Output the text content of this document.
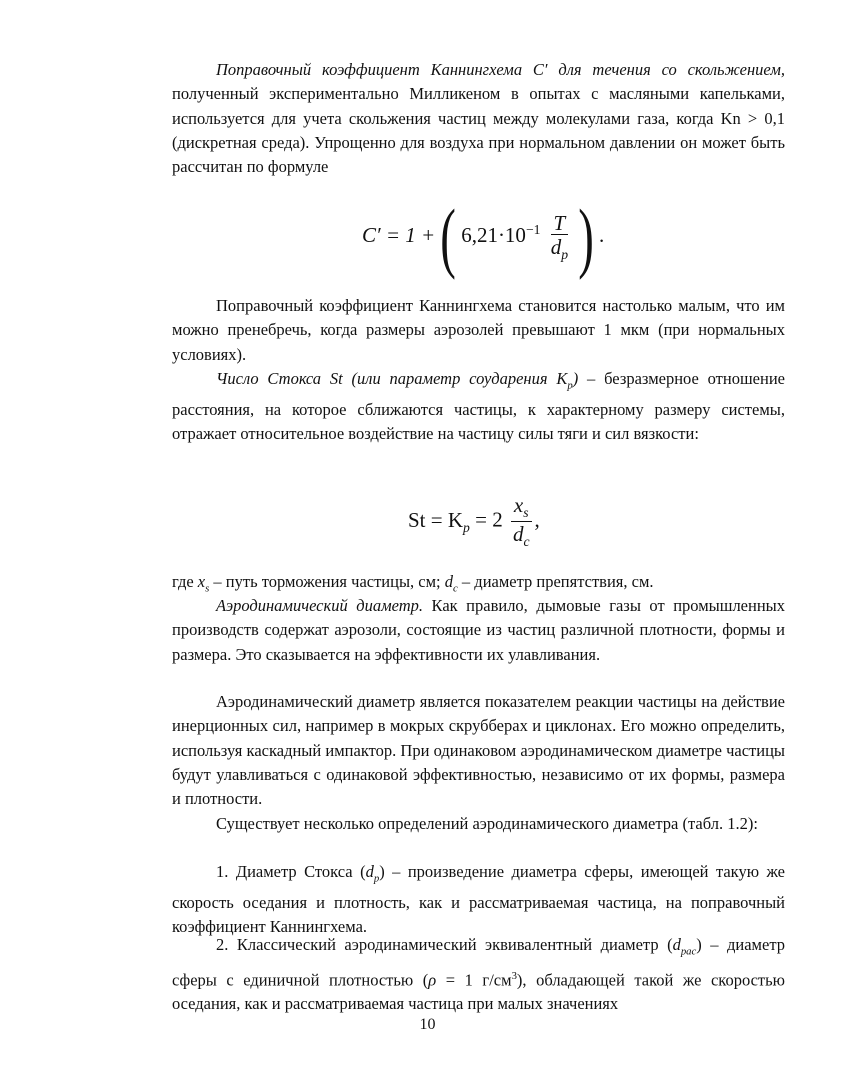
Поправочный коэффициент Каннингхема C′ для течения со скольжением, полученный экспериментально Милликеном в опытах с масляными капельками, используется для учета скольжения частиц между молекулами газа, когда Kn > 0,1 (дискретная среда). Упрощенно для воздуха при нормальном давлении он может быть рассчитан по формуле

C′ = 1 +( $6,21\cdot 10^{-1} \frac{T}{d_p}$ ) .

Поправочный коэффициент Каннингхема становится настолько малым, что им можно пренебречь, когда размеры аэрозолей превышают 1 мкм (при нормальных условиях).

Число Стокса St (или параметр соударения $K_p$) – безразмерное отношение расстояния, на которое сближаются частицы, к характерному размеру системы, отражает относительное воздействие на частицу силы тяги и сил вязкости:

$St = K_p = 2 \frac{x_s}{d_c}$ ,

где $x_s$ – путь торможения частицы, см; $d_c$ – диаметр препятствия, см.

Аэродинамический диаметр. Как правило, дымовые газы от промышленных производств содержат аэрозоли, состоящие из частиц различной плотности, формы и размера. Это сказывается на эффективности их улавливания.

Аэродинамический диаметр является показателем реакции частицы на действие инерционных сил, например в мокрых скрубберах и циклонах. Его можно определить, используя каскадный импактор. При одинаковом аэродинамическом диаметре частицы будут улавливаться с одинаковой эффективностью, независимо от их формы, размера и плотности.

Существует несколько определений аэродинамического диаметра (табл. 1.2):

1. Диаметр Стокса $(d_p)$ – произведение диаметра сферы, имеющей такую же скорость оседания и плотность, как и рассматриваемая частица, на поправочный коэффициент Каннингхема.

2. Классический аэродинамический эквивалентный диаметр $(d_{pac})$ – диаметр сферы с единичной плотностью (ρ = 1 $г/см^3$), обладающей такой же скоростью оседания, как и рассматриваемая частица при малых значениях

10
